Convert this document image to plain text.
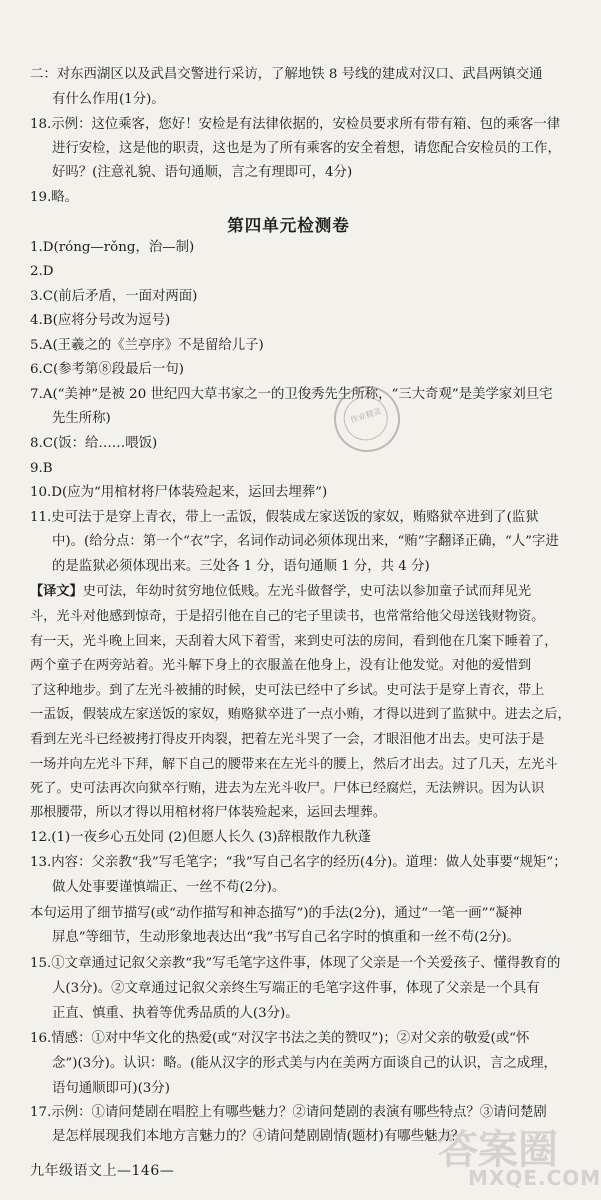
二：对东西湖区以及武昌交警进行采访，了解地铁 8 号线的建成对汉口、武昌两镇交通
有什么作用(1分)。
18.示例：这位乘客，您好！安检是有法律依据的，安检员要求所有带有箱、包的乘客一律
进行安检，这是他的职责，这也是为了所有乘客的安全着想，请您配合安检员的工作，
好吗？(注意礼貌、语句通顺，言之有理即可，4分)
19.略。
第四单元检测卷
1.D(róng—rǒng，治—制)
2.D
3.C(前后矛盾，一面对两面)
4.B(应将分号改为逗号)
5.A(王羲之的《兰亭序》不是留给儿子)
6.C(参考第⑧段最后一句)
7.A(“美神”是被 20 世纪四大草书家之一的卫俊秀先生所称，“三大奇观”是美学家刘旦宅
先生所称)
8.C(饭：给……喂饭)
9.B
10.D(应为“用棺材将尸体装殓起来，运回去埋葬”)
11.史可法于是穿上青衣，带上一盂饭，假装成左家送饭的家奴，贿赂狱卒进到了(监狱
中)。(给分点：第一个“衣”字，名词作动词必须体现出来，“贿”字翻译正确，“人”字进
的是监狱必须体现出来。三处各 1 分，语句通顺 1 分，共 4 分)
【译文】史可法，年幼时贫穷地位低贱。左光斗做督学，史可法以参加童子试而拜见光
斗，光斗对他感到惊奇，于是招引他在自己的宅子里读书，也常常给他父母送钱财物资。
有一天，光斗晚上回来，天刮着大风下着雪，来到史可法的房间，看到他在几案下睡着了，
两个童子在两旁站着。光斗解下身上的衣服盖在他身上，没有让他发觉。对他的爱惜到
了这种地步。到了左光斗被捕的时候，史可法已经中了乡试。史可法于是穿上青衣，带上
一盂饭，假装成左家送饭的家奴，贿赂狱卒进了一点小贿，才得以进到了监狱中。进去之后，
看到左光斗已经被拷打得皮开肉裂，把着左光斗哭了一会，才眼泪他才出去。史可法于是
一场并向左光斗下拜，解下自己的腰带来在左光斗的腰上，然后才出去。过了几天，左光斗
死了。史可法再次向狱卒行贿，进去为左光斗收尸。尸体已经腐烂，无法辨识。因为认识
那根腰带，所以才得以用棺材将尸体装殓起来，运回去埋葬。
12.(1)一夜乡心五处同 (2)但愿人长久 (3)辞根散作九秋蓬
13.内容：父亲教“我”写毛笔字；“我”写自己名字的经历(4分)。道理：做人处事要“规矩”；
做人处事要谨慎端正、一丝不苟(2分)。
本句运用了细节描写(或“动作描写和神态描写”)的手法(2分)，通过“一笔一画”“凝神
屏息”等细节，生动形象地表达出“我”书写自己名字时的慎重和一丝不苟(2分)。
15.①文章通过记叙父亲教“我”写毛笔字这件事，体现了父亲是一个关爱孩子、懂得教育的
人(3分)。②文章通过记叙父亲终生写端正的毛笔字这件事，体现了父亲是一个具有
正直、慎重、执着等优秀品质的人(3分)。
16.情感：①对中华文化的热爱(或“对汉字书法之美的赞叹”)；②对父亲的敬爱(或“怀
念”)(3分)。认识：略。(能从汉字的形式美与内在美两方面谈自己的认识，言之成理，
语句通顺即可)(3分)
17.示例：①请问楚剧在唱腔上有哪些魅力？②请问楚剧的表演有哪些特点？③请问楚剧
是怎样展现我们本地方言魅力的？④请问楚剧剧情(题材)有哪些魅力？
九年级语文上—146—
作业精灵
答案圈
MXQE.COM
